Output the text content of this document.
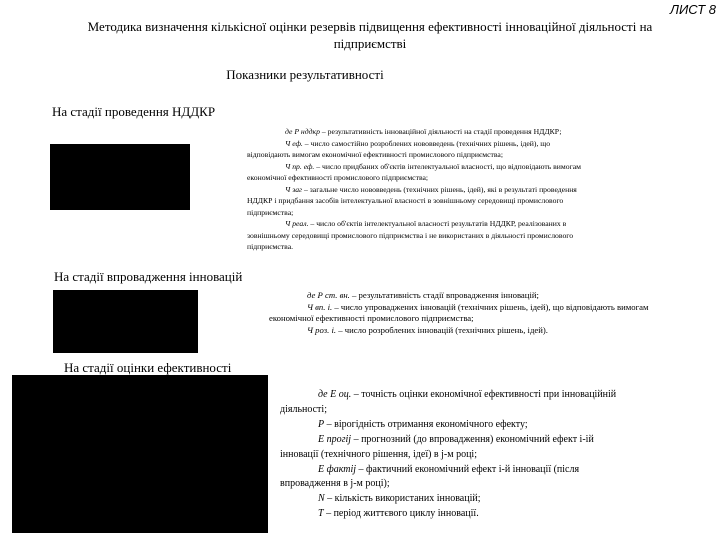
ЛИСТ 8
Методика визначення кількісної оцінки резервів підвищення ефективності інноваційної діяльності на
підприємстві
Показники результативності
На стадії проведення НДДКР
де Р нддкр – результативність інноваційної діяльності на стадії проведення НДДКР;
Ч еф. – число самостійно розроблених нововведень (технічних рішень, ідей), що
відповідають вимогам економічної ефективності промислового підприємства;
Ч пр. еф. – число придбаних об'єктів інтелектуальної власності, що відповідають вимогам
економічної ефективності промислового підприємства;
Ч заг – загальне число нововведень (технічних рішень, ідей), які в результаті проведення
НДДКР і придбання засобів інтелектуальної власності в зовнішньому середовищі промислового
підприємства;
Ч реал. – число об'єктів інтелектуальної власності результатів НДДКР, реалізованих в
зовнішньому середовищі промислового підприємства і не використаних в діяльності промислового
підприємства.
На стадії впровадження інновацій
де Р ст. вн. – результативність стадії впровадження інновацій;
Ч вп. і. – число упроваджених інновацій (технічних рішень, ідей), що відповідають вимогам
економічної ефективності промислового підприємства;
Ч роз. і. – число розроблених інновацій (технічних рішень, ідей).
На стадії оцінки ефективності
де Е оц. – точність оцінки економічної ефективності при інноваційній
діяльності;
Р – вірогідність отримання економічного ефекту;
Е прогij – прогнозний (до впровадження) економічний ефект і-ій
інновації (технічного рішення, ідеї) в j-м році;
Е фактij – фактичний економічний ефект і-й інновації (після
впровадження в j-м році);
N – кількість використаних інновацій;
T – період життєвого циклу інновації.
